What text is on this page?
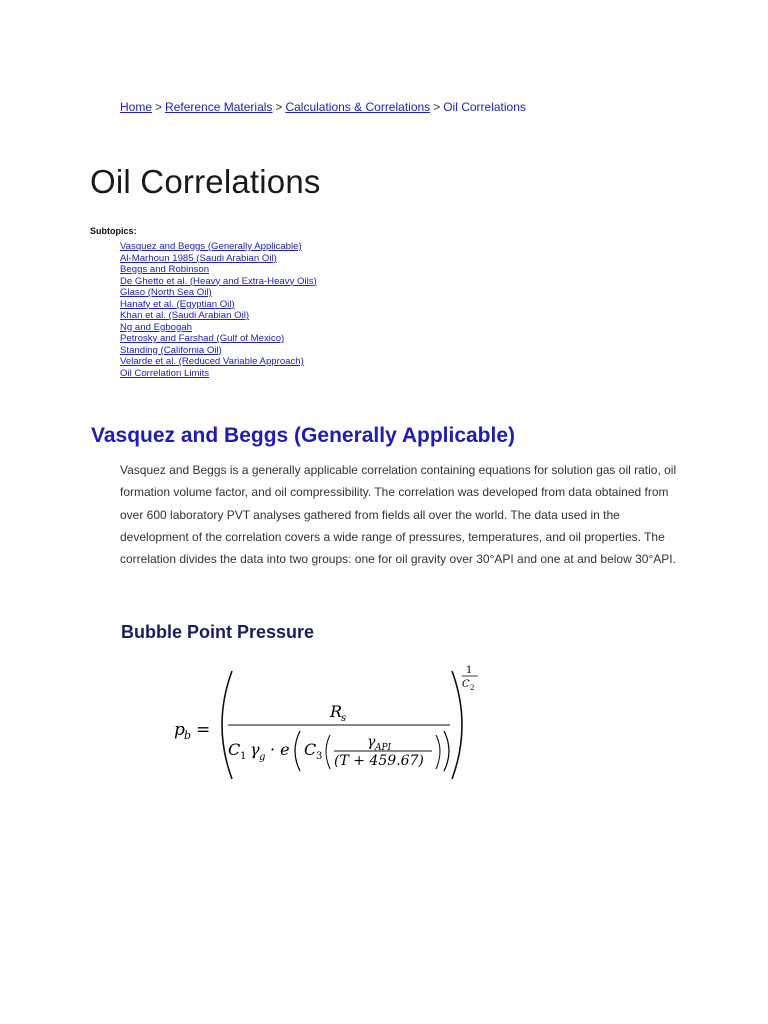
Home > Reference Materials > Calculations & Correlations > Oil Correlations
Oil Correlations
Subtopics:
Vasquez and Beggs (Generally Applicable)
Al-Marhoun 1985 (Saudi Arabian Oil)
Beggs and Robinson
De Ghetto et al. (Heavy and Extra-Heavy Oils)
Glaso (North Sea Oil)
Hanafy et al. (Egyptian Oil)
Khan et al. (Saudi Arabian Oil)
Ng and Egbogah
Petrosky and Farshad (Gulf of Mexico)
Standing (California Oil)
Velarde et al. (Reduced Variable Approach)
Oil Correlation Limits
Vasquez and Beggs (Generally Applicable)

Vasquez and Beggs is a generally applicable correlation containing equations for solution gas oil ratio, oil formation volume factor, and oil compressibility. The correlation was developed from data obtained from over 600 laboratory PVT analyses gathered from fields all over the world. The data used in the development of the correlation covers a wide range of pressures, temperatures, and oil properties. The correlation divides the data into two groups: one for oil gravity over 30°API and one at and below 30°API.

Bubble Point Pressure
p b =
R
s
C 1 γ g · e C 3
γ API
(T + 459.67)
1
C 2
